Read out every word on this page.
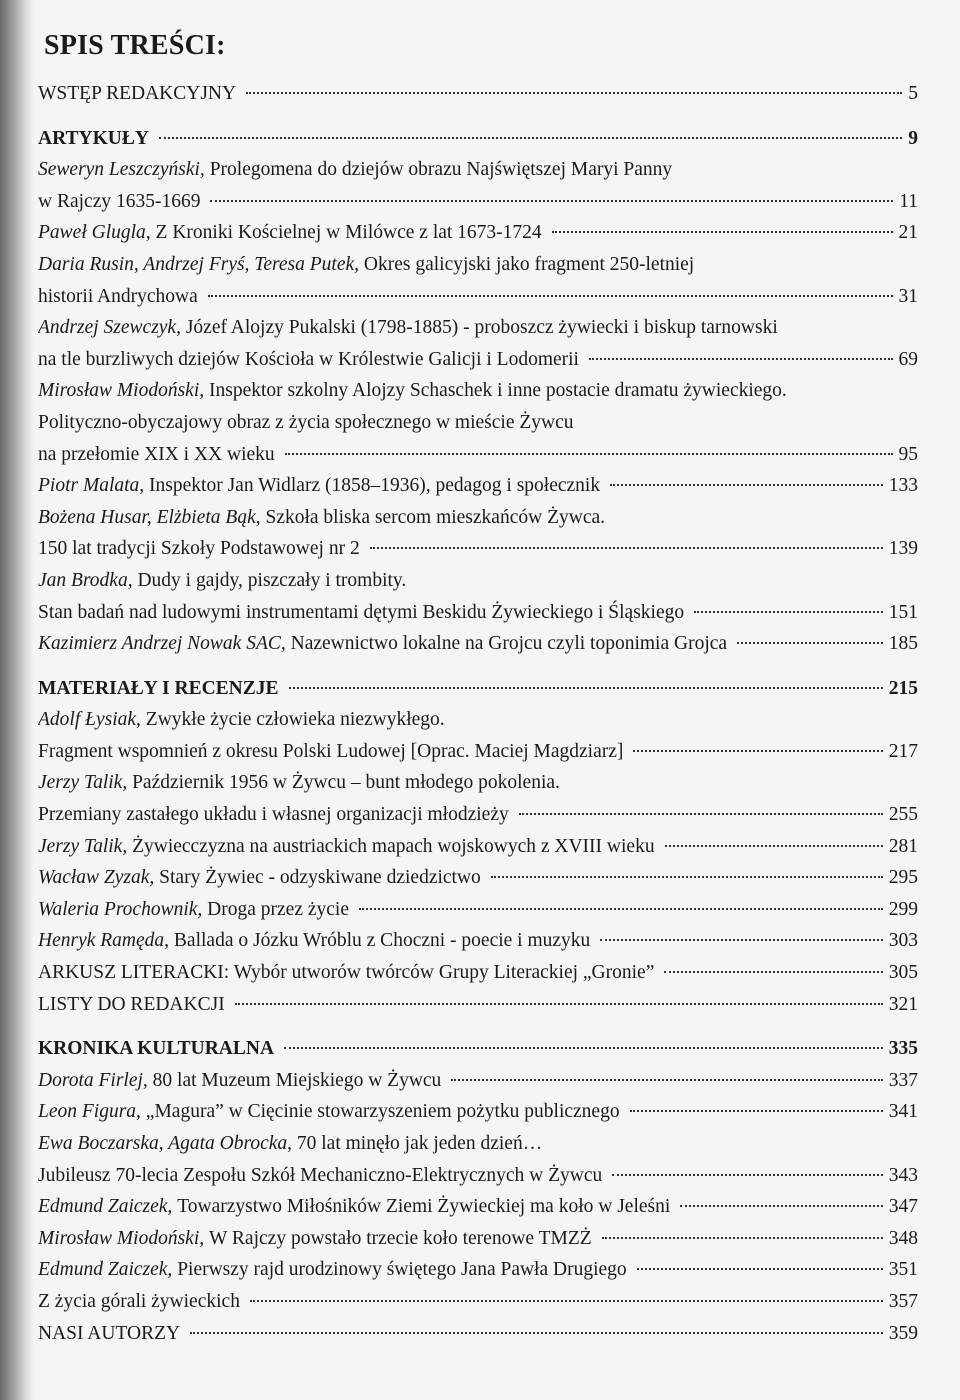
SPIS TREŚCI:
WSTĘP REDAKCYJNY	5
ARTYKUŁY	9
Seweryn Leszczyński,
Prolegomena do dziejów obrazu Najświętszej Maryi Panny
w Rajczy 1635-1669	11
Paweł Glugla,
Z Kroniki Kościelnej w Milówce z lat 1673-1724	21
Daria Rusin, Andrzej Fryś, Teresa Putek,
Okres galicyjski jako fragment 250-letniej
historii Andrychowa	31
Andrzej Szewczyk,
Józef Alojzy Pukalski (1798-1885) - proboszcz żywiecki i biskup tarnowski
na tle burzliwych dziejów Kościoła w Królestwie Galicji i Lodomerii	69
Mirosław Miodoński,
Inspektor szkolny Alojzy Schaschek i inne postacie dramatu żywieckiego.
Polityczno-obyczajowy obraz z życia społecznego w mieście Żywcu
na przełomie XIX i XX wieku	95
Piotr Malata,
Inspektor Jan Widlarz (1858–1936), pedagog i społecznik	133
Bożena Husar, Elżbieta Bąk,
Szkoła bliska sercom mieszkańców Żywca.
150 lat tradycji Szkoły Podstawowej nr 2	139
Jan Brodka,
Dudy i gajdy, piszczały i trombity.
Stan badań nad ludowymi instrumentami dętymi Beskidu Żywieckiego i Śląskiego	151
Kazimierz Andrzej Nowak SAC,
Nazewnictwo lokalne na Grojcu czyli toponimia Grojca	185
MATERIAŁY I RECENZJE	215
Adolf Łysiak,
Zwykłe życie człowieka niezwykłego.
Fragment wspomnień z okresu Polski Ludowej [Oprac. Maciej Magdziarz]	217
Jerzy Talik,
Październik 1956 w Żywcu – bunt młodego pokolenia.
Przemiany zastałego układu i własnej organizacji młodzieży	255
Jerzy Talik,
Żywiecczyzna na austriackich mapach wojskowych z XVIII wieku	281
Wacław Zyzak,
Stary Żywiec - odzyskiwane dziedzictwo	295
Waleria Prochownik,
Droga przez życie	299
Henryk Ramęda,
Ballada o Józku Wróblu z Choczni - poecie i muzyku	303
ARKUSZ LITERACKI: Wybór utworów twórców Grupy Literackiej „Gronie”	305
LISTY DO REDAKCJI	321
KRONIKA KULTURALNA	335
Dorota Firlej,
80 lat Muzeum Miejskiego w Żywcu	337
Leon Figura,
„Magura” w Cięcinie stowarzyszeniem pożytku publicznego	341
Ewa Boczarska, Agata Obrocka,
70 lat minęło jak jeden dzień…
Jubileusz 70-lecia Zespołu Szkół Mechaniczno-Elektrycznych w Żywcu	343
Edmund Zaiczek,
Towarzystwo Miłośników Ziemi Żywieckiej ma koło w Jeleśni	347
Mirosław Miodoński,
W Rajczy powstało trzecie koło terenowe TMZŻ	348
Edmund Zaiczek,
Pierwszy rajd urodzinowy świętego Jana Pawła Drugiego	351
Z życia górali żywieckich	357
NASI AUTORZY	359
